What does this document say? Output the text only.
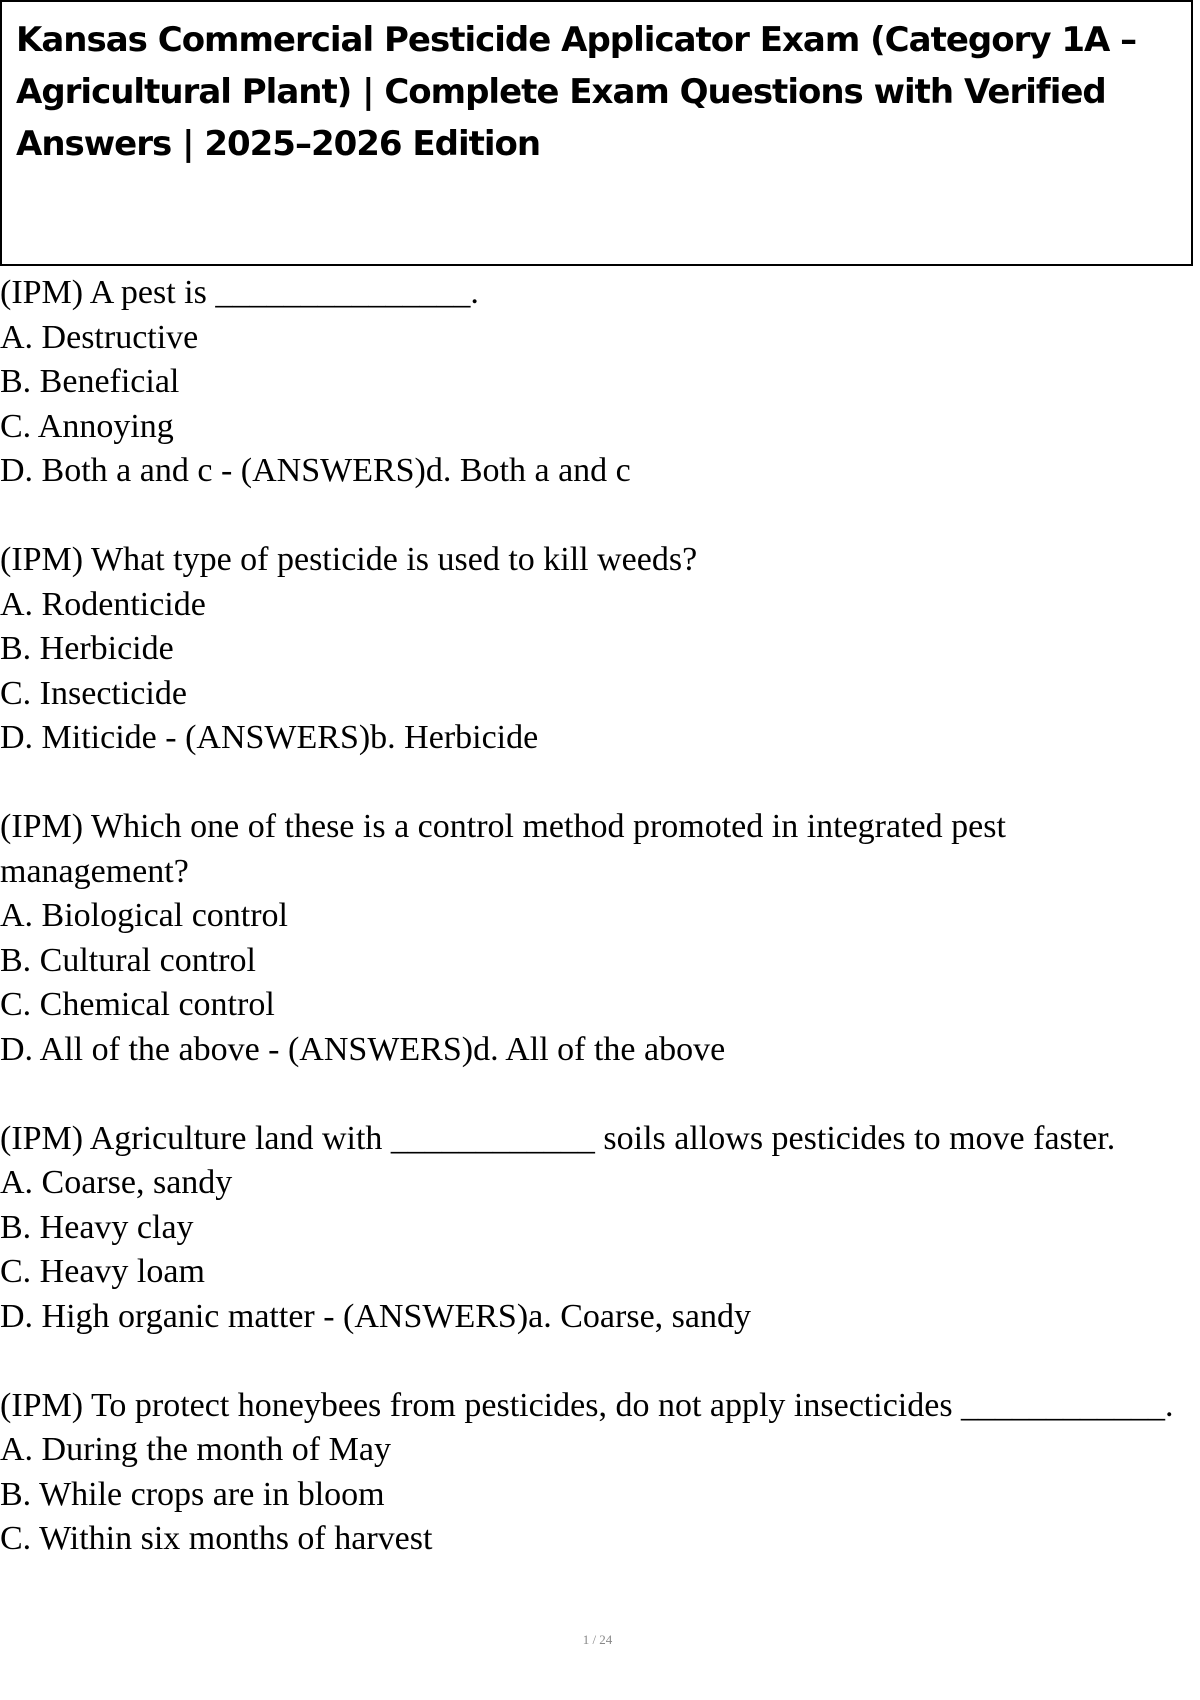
Kansas Commercial Pesticide Applicator Exam (Category 1A – Agricultural Plant) | Complete Exam Questions with Verified Answers | 2025–2026 Edition

(IPM) A pest is _______________.

A. Destructive

B. Beneficial

C. Annoying

D. Both a and c - (ANSWERS)d. Both a and c

(IPM) What type of pesticide is used to kill weeds?

A. Rodenticide

B. Herbicide

C. Insecticide

D. Miticide - (ANSWERS)b. Herbicide

(IPM) Which one of these is a control method promoted in integrated pest management?

A. Biological control

B. Cultural control

C. Chemical control

D. All of the above - (ANSWERS)d. All of the above

(IPM) Agriculture land with ____________ soils allows pesticides to move faster.

A. Coarse, sandy

B. Heavy clay

C. Heavy loam

D. High organic matter - (ANSWERS)a. Coarse, sandy

(IPM) To protect honeybees from pesticides, do not apply insecticides ____________.

A. During the month of May

B. While crops are in bloom

C. Within six months of harvest

1 / 24
